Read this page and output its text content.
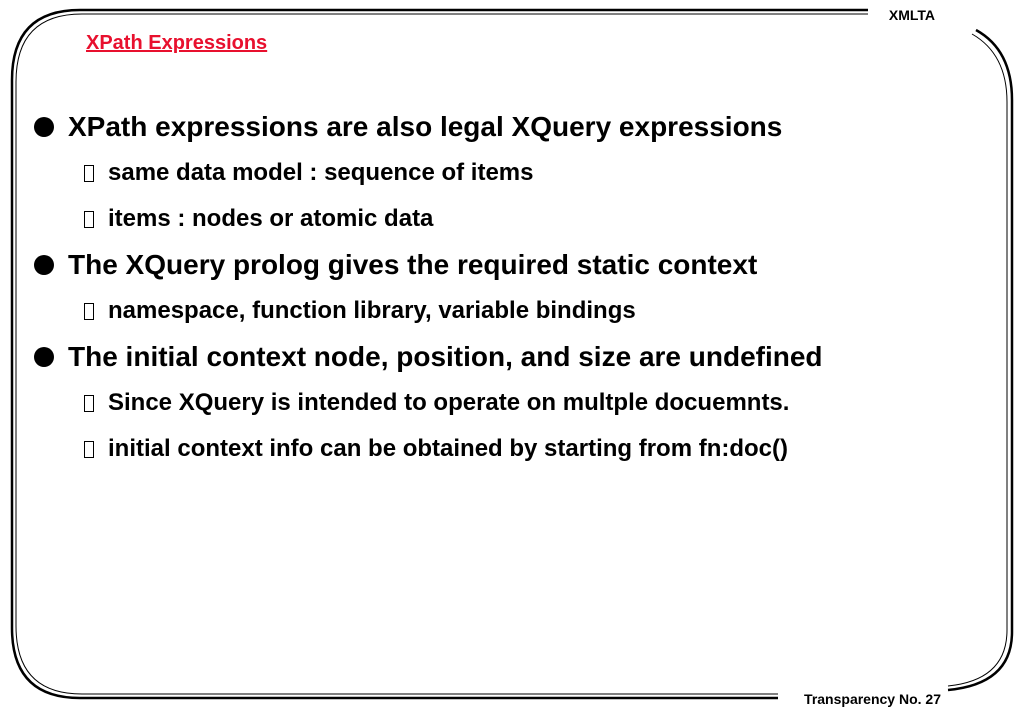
XMLTA
XPath Expressions
XPath expressions are also legal XQuery expressions
same data model : sequence of items
items : nodes or atomic data
The XQuery prolog gives the required static context
namespace, function library, variable bindings
The initial context node, position, and size are undefined
Since XQuery is intended to operate on multple docuemnts.
initial context info can be obtained by starting from fn:doc()
Transparency No. 27
